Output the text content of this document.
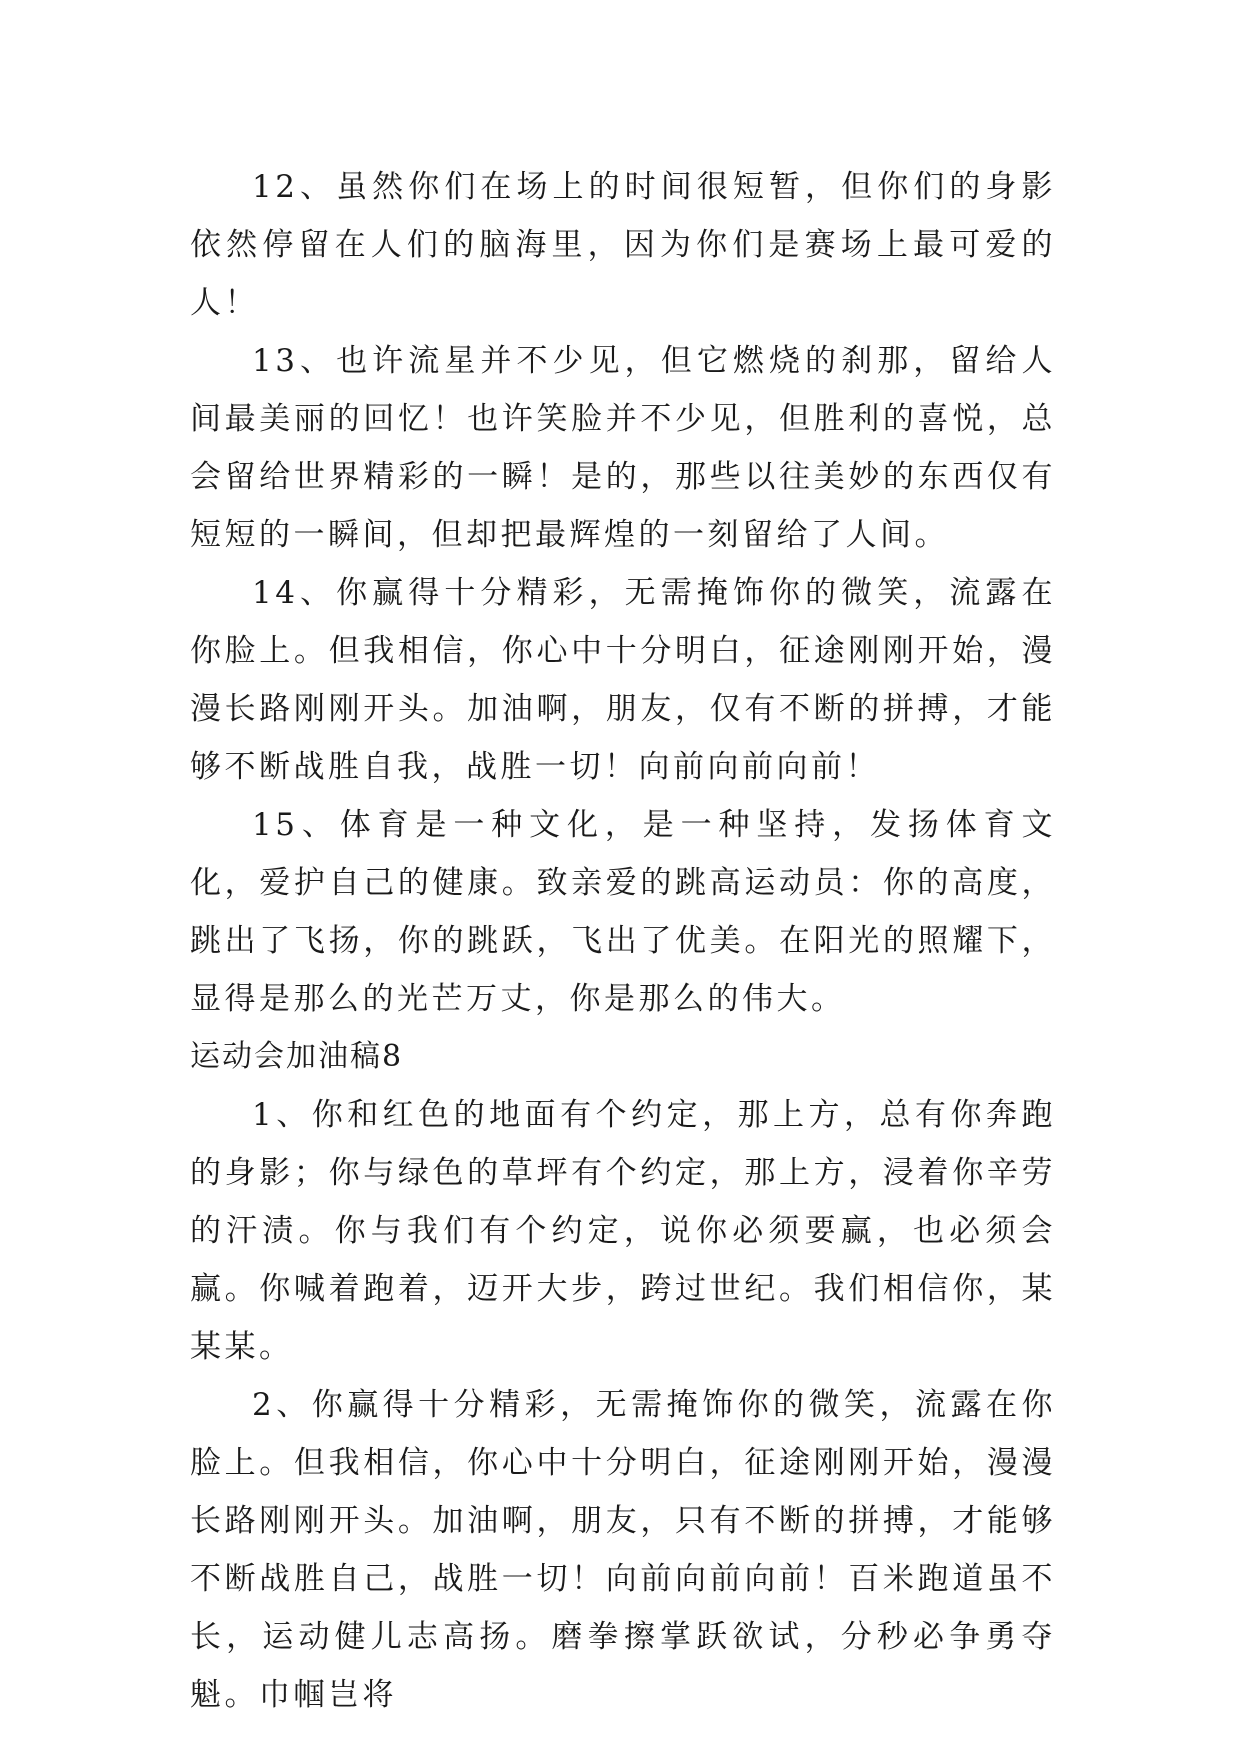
12、虽然你们在场上的时间很短暂，但你们的身影依然停留在人们的脑海里，因为你们是赛场上最可爱的人！

13、也许流星并不少见，但它燃烧的刹那，留给人间最美丽的回忆！也许笑脸并不少见，但胜利的喜悦，总会留给世界精彩的一瞬！是的，那些以往美妙的东西仅有短短的一瞬间，但却把最辉煌的一刻留给了人间。

14、你赢得十分精彩，无需掩饰你的微笑，流露在你脸上。但我相信，你心中十分明白，征途刚刚开始，漫漫长路刚刚开头。加油啊，朋友，仅有不断的拼搏，才能够不断战胜自我，战胜一切！向前向前向前！

15、体育是一种文化，是一种坚持，发扬体育文化，爱护自己的健康。致亲爱的跳高运动员：你的高度，跳出了飞扬，你的跳跃，飞出了优美。在阳光的照耀下，显得是那么的光芒万丈，你是那么的伟大。

运动会加油稿8

1、你和红色的地面有个约定，那上方，总有你奔跑的身影；你与绿色的草坪有个约定，那上方，浸着你辛劳的汗渍。你与我们有个约定，说你必须要赢，也必须会赢。你喊着跑着，迈开大步，跨过世纪。我们相信你，某某某。

2、你赢得十分精彩，无需掩饰你的微笑，流露在你脸上。但我相信，你心中十分明白，征途刚刚开始，漫漫长路刚刚开头。加油啊，朋友，只有不断的拼搏，才能够不断战胜自己，战胜一切！向前向前向前！百米跑道虽不长，运动健儿志高扬。磨拳擦掌跃欲试，分秒必争勇夺魁。巾帼岂将
